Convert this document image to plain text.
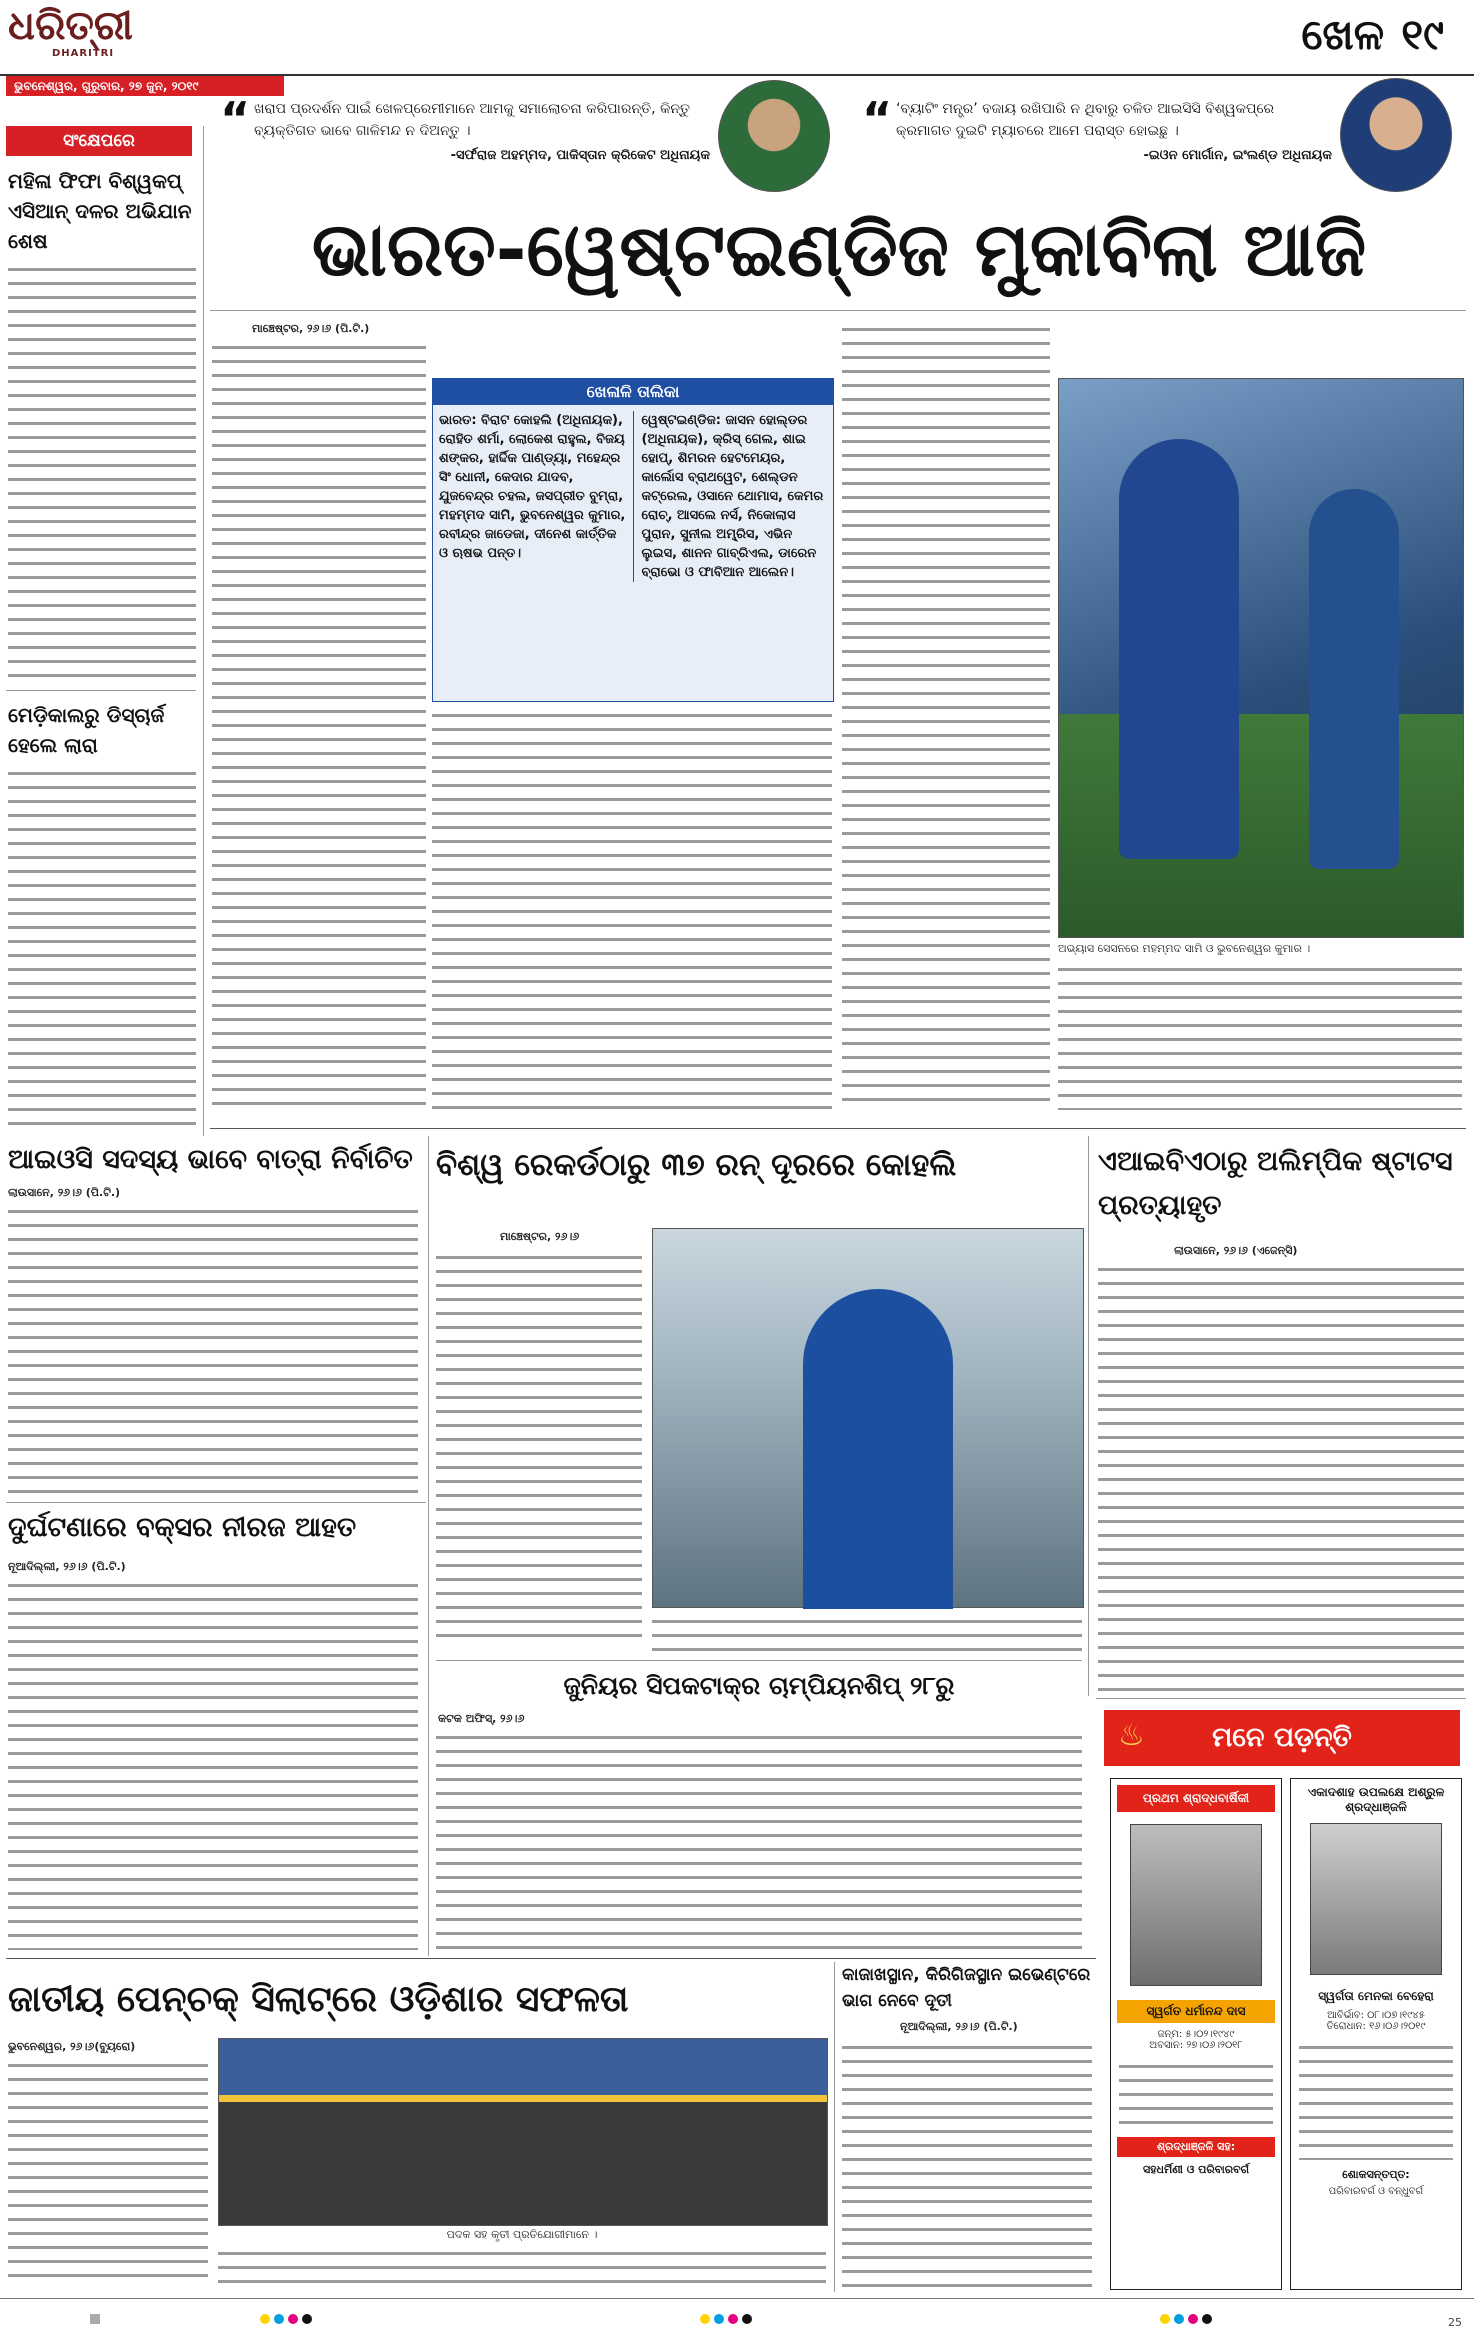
ଧରିତ୍ରୀ
DHARITRI
ଭୁବନେଶ୍ୱର, ଗୁରୁବାର, ୨୭ ଜୁନ, ୨୦୧୯
ଖେଳ ୧୯
“ ଖରାପ ପ୍ରଦର୍ଶନ ପାଇଁ ଖେଳପ୍ରେମୀମାନେ ଆମକୁ ସମାଲୋଚନା କରିପାରନ୍ତି, କିନ୍ତୁ ବ୍ୟକ୍ତିଗତ ଭାବେ ଗାଳିମନ୍ଦ ନ ଦିଅନ୍ତୁ ।

-ସର୍ଫରାଜ ଅହମ୍ମଦ, ପାକିସ୍ତାନ କ୍ରିକେଟ ଅଧିନାୟକ
“ ‘ବ୍ୟାଟିଂ ମନ୍ତ୍ର’ ବଜାୟ ରଖିପାରି ନ ଥିବାରୁ ଚଳିତ ଆଇସିସି ବିଶ୍ୱକପ୍‌ରେ କ୍ରମାଗତ ଦୁଇଟି ମ୍ୟାଚରେ ଆମେ ପରାସ୍ତ ହୋଇଛୁ ।

-ଇଓନ ମୋର୍ଗାନ, ଇଂଲଣ୍ଡ ଅଧିନାୟକ
ସଂକ୍ଷେପରେ
ମହିଳା ଫିଫା ବିଶ୍ୱକପ୍‌ ଏସିଆନ୍‌ ଦଳର ଅଭିଯାନ ଶେଷ
ମେଡ଼ିକାଲରୁ ଡିସ୍‌ଚାର୍ଜ ହେଲେ ଲାରା
ଭାରତ-ୱେଷ୍ଟଇଣ୍ଡିଜ ମୁକାବିଲା ଆଜି
ମାଞ୍ଚେଷ୍ଟର, ୨୬।୬ (ପି.ଟି.)
ଖେଳାଳି ତାଲିକା

ଭାରତ: ବିରାଟ କୋହଲି (ଅଧିନାୟକ), ରୋହିତ ଶର୍ମା, ଲୋକେଶ ରାହୁଲ, ବିଜୟ ଶଙ୍କର, ହାର୍ଦ୍ଦିକ ପାଣ୍ଡ୍ୟା, ମହେନ୍ଦ୍ର ସିଂ ଧୋନୀ, କେଦାର ଯାଦବ, ଯୁଜବେନ୍ଦ୍ର ଚହଲ, ଜସପ୍ରୀତ ବୁମ୍ରା, ମହମ୍ମଦ ସାମି, ଭୁବନେଶ୍ୱର କୁମାର, ରବୀନ୍ଦ୍ର ଜାଡେଜା, ଦୀନେଶ କାର୍ତ୍ତିକ ଓ ଋଷଭ ପନ୍ତ।

ୱେଷ୍ଟଇଣ୍ଡିଜ: ଜାସନ ହୋଲ୍ଡର (ଅଧିନାୟକ), କ୍ରିସ୍‌ ଗେଲ, ଶାଇ ହୋପ୍‌, ଶିମରନ ହେଟମେୟର, କାର୍ଲୋସ ବ୍ରାଥୱେଟ, ଶେଲ୍‌ଡନ କଟ୍ରେଲ, ଓସାନେ ଥୋମାସ, କେମର ରୋଚ୍‌, ଆସଲେ ନର୍ସ, ନିକୋଲାସ ପୁରାନ, ସୁନୀଲ ଅମ୍ବ୍ରିସ, ଏଭିନ ଲୁଇସ, ଶାନନ ଗାବ୍ରିଏଲ, ଡାରେନ ବ୍ରାଭୋ ଓ ଫାବିଆନ ଆଲେନ।

ଅଭ୍ୟାସ ସେସନରେ ମହମ୍ମଦ ସାମି ଓ ଭୁବନେଶ୍ୱର କୁମାର ।
ଆଇଓସି ସଦସ୍ୟ ଭାବେ ବାତ୍ରା ନିର୍ବାଚିତ
ଲାଉସାନେ, ୨୬।୬ (ପି.ଟି.)
ଦୁର୍ଘଟଣାରେ ବକ୍ସର ନୀରଜ ଆହତ
ନୂଆଦିଲ୍ଲୀ, ୨୬।୬ (ପି.ଟି.)
ବିଶ୍ୱ ରେକର୍ଡଠାରୁ ୩୭ ରନ୍‌ ଦୂରରେ କୋହଲି
ମାଞ୍ଚେଷ୍ଟର, ୨୬।୬
ଜୁନିୟର ସିପକଟାକ୍ର ଚାମ୍ପିୟନଶିପ୍‌ ୨୮ରୁ
କଟକ ଅଫିସ୍‌, ୨୬।୬
ଏଆଇବିଏଠାରୁ ଅଲିମ୍ପିକ ଷ୍ଟାଟସ ପ୍ରତ୍ୟାହୃତ
ଲାଉସାନେ, ୨୬।୬ (ଏଜେନ୍ସି)
♨ ମନେ ପଡ଼ନ୍ତି
ପ୍ରଥମ ଶ୍ରାଦ୍ଧବାର୍ଷିକୀ
ସ୍ୱର୍ଗତ ଧର୍ମାନନ୍ଦ ଦାସ
ଜନ୍ମ: ୫।୦୨।୧୯୪୯
ଅବସାନ: ୨୭।୦୬।୨୦୧୮
ଶ୍ରଦ୍ଧାଞ୍ଜଳି ସହ:
ସହଧର୍ମିଣୀ ଓ ପରିବାରବର୍ଗ
ଏକାଦଶାହ ଉପଲକ୍ଷେ ଅଶ୍ରୁଳ ଶ୍ରଦ୍ଧାଞ୍ଜଳି
ସ୍ୱର୍ଗତା ମେନକା ବେହେରା
ଆବିର୍ଭାବ: ୦୮।୦୭।୧୯୪୫
ତିରୋଧାନ: ୧୬।୦୬।୨୦୧୯
ଶୋକସନ୍ତପ୍ତ:
ପରିବାରବର୍ଗ ଓ ବନ୍ଧୁବର୍ଗ
ଜାତୀୟ ପେନ୍‌ଚକ୍‌ ସିଲାଟ୍‌ରେ ଓଡ଼ିଶାର ସଫଳତା
ଭୁବନେଶ୍ୱର, ୨୬।୬(ବ୍ୟୁରୋ)
ପଦକ ସହ କୃତୀ ପ୍ରତିଯୋଗୀମାନେ ।
କାଜାଖସ୍ଥାନ, କିରିଗିଜସ୍ଥାନ ଇଭେଣ୍ଟରେ ଭାଗ ନେବେ ଦୂତୀ
ନୂଆଦିଲ୍ଲୀ, ୨୬।୬ (ପି.ଟି.)
25
